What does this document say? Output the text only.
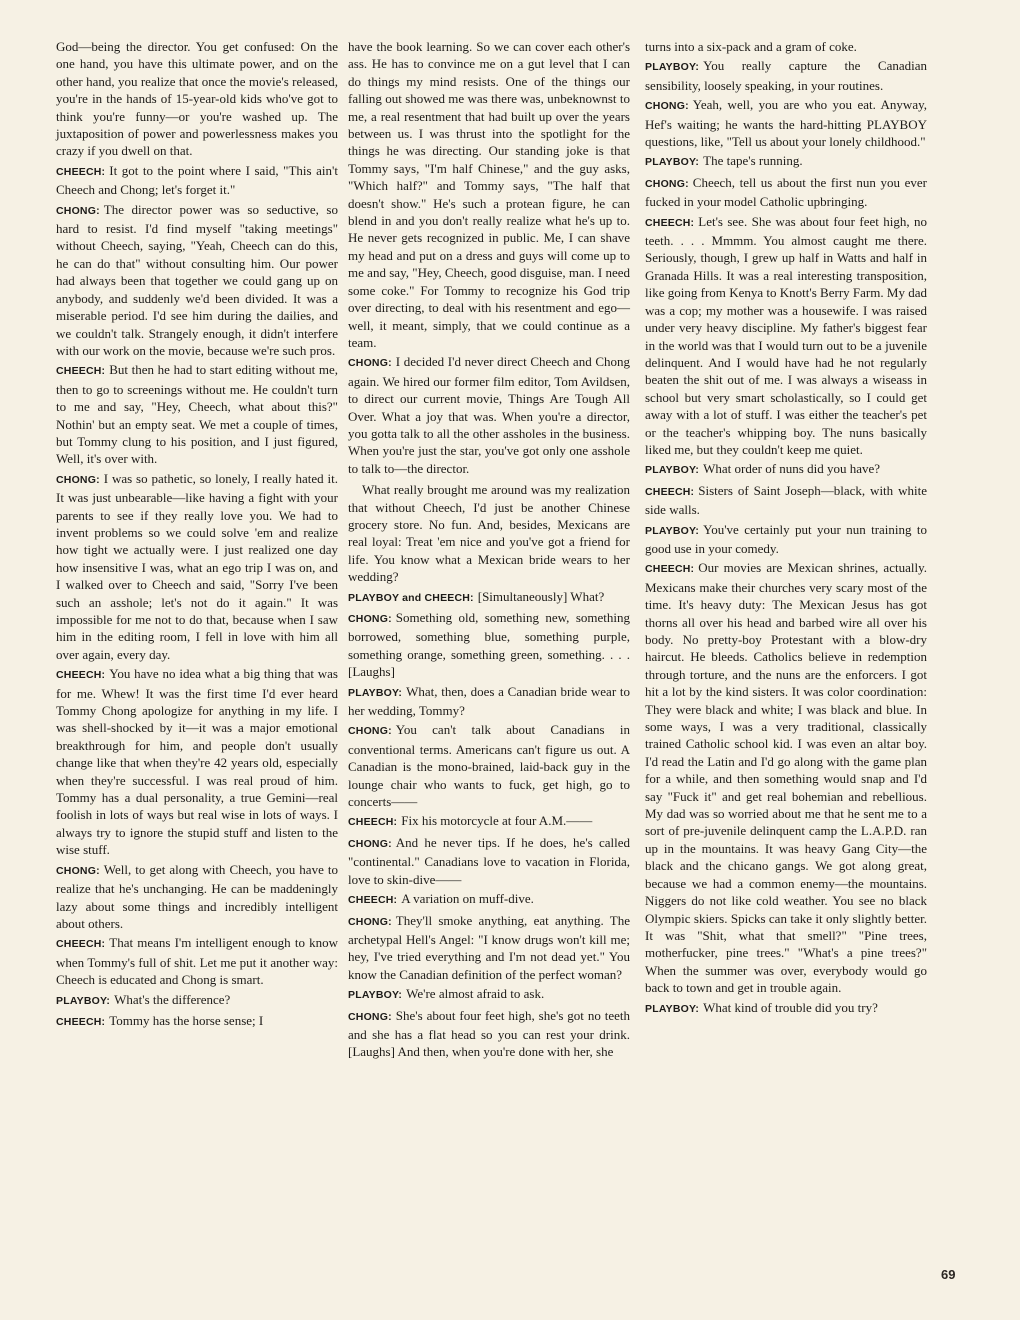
God—being the director. You get confused: On the one hand, you have this ultimate power, and on the other hand, you realize that once the movie's released, you're in the hands of 15-year-old kids who've got to think you're funny—or you're washed up. The juxtaposition of power and powerlessness makes you crazy if you dwell on that.

CHEECH: It got to the point where I said, "This ain't Cheech and Chong; let's forget it."

CHONG: The director power was so seductive, so hard to resist. I'd find myself "taking meetings" without Cheech, saying, "Yeah, Cheech can do this, he can do that" without consulting him. Our power had always been that together we could gang up on anybody, and suddenly we'd been divided. It was a miserable period. I'd see him during the dailies, and we couldn't talk. Strangely enough, it didn't interfere with our work on the movie, because we're such pros.

CHEECH: But then he had to start editing without me, then to go to screenings without me. He couldn't turn to me and say, "Hey, Cheech, what about this?" Nothin' but an empty seat. We met a couple of times, but Tommy clung to his position, and I just figured, Well, it's over with.

CHONG: I was so pathetic, so lonely, I really hated it. It was just unbearable—like having a fight with your parents to see if they really love you. We had to invent problems so we could solve 'em and realize how tight we actually were. I just realized one day how insensitive I was, what an ego trip I was on, and I walked over to Cheech and said, "Sorry I've been such an asshole; let's not do it again." It was impossible for me not to do that, because when I saw him in the editing room, I fell in love with him all over again, every day.

CHEECH: You have no idea what a big thing that was for me. Whew! It was the first time I'd ever heard Tommy Chong apologize for anything in my life. I was shell-shocked by it—it was a major emotional breakthrough for him, and people don't usually change like that when they're 42 years old, especially when they're successful. I was real proud of him. Tommy has a dual personality, a true Gemini—real foolish in lots of ways but real wise in lots of ways. I always try to ignore the stupid stuff and listen to the wise stuff.

CHONG: Well, to get along with Cheech, you have to realize that he's unchanging. He can be maddeningly lazy about some things and incredibly intelligent about others.

CHEECH: That means I'm intelligent enough to know when Tommy's full of shit. Let me put it another way: Cheech is educated and Chong is smart.

PLAYBOY: What's the difference?

CHEECH: Tommy has the horse sense; I

have the book learning. So we can cover each other's ass. He has to convince me on a gut level that I can do things my mind resists. One of the things our falling out showed me was there was, unbeknownst to me, a real resentment that had built up over the years between us. I was thrust into the spotlight for the things he was directing. Our standing joke is that Tommy says, "I'm half Chinese," and the guy asks, "Which half?" and Tommy says, "The half that doesn't show." He's such a protean figure, he can blend in and you don't really realize what he's up to. He never gets recognized in public. Me, I can shave my head and put on a dress and guys will come up to me and say, "Hey, Cheech, good disguise, man. I need some coke." For Tommy to recognize his God trip over directing, to deal with his resentment and ego—well, it meant, simply, that we could continue as a team.

CHONG: I decided I'd never direct Cheech and Chong again. We hired our former film editor, Tom Avildsen, to direct our current movie, Things Are Tough All Over. What a joy that was. When you're a director, you gotta talk to all the other assholes in the business. When you're just the star, you've got only one asshole to talk to—the director.

What really brought me around was my realization that without Cheech, I'd just be another Chinese grocery store. No fun. And, besides, Mexicans are real loyal: Treat 'em nice and you've got a friend for life. You know what a Mexican bride wears to her wedding?

PLAYBOY and CHEECH: [Simultaneously] What?

CHONG: Something old, something new, something borrowed, something blue, something purple, something orange, something green, something. . . . [Laughs]

PLAYBOY: What, then, does a Canadian bride wear to her wedding, Tommy?

CHONG: You can't talk about Canadians in conventional terms. Americans can't figure us out. A Canadian is the mono-brained, laid-back guy in the lounge chair who wants to fuck, get high, go to concerts——

CHEECH: Fix his motorcycle at four A.M.——

CHONG: And he never tips. If he does, he's called "continental." Canadians love to vacation in Florida, love to skin-dive——

CHEECH: A variation on muff-dive.

CHONG: They'll smoke anything, eat anything. The archetypal Hell's Angel: "I know drugs won't kill me; hey, I've tried everything and I'm not dead yet." You know the Canadian definition of the perfect woman?

PLAYBOY: We're almost afraid to ask.

CHONG: She's about four feet high, she's got no teeth and she has a flat head so you can rest your drink. [Laughs] And then, when you're done with her, she

turns into a six-pack and a gram of coke.

PLAYBOY: You really capture the Canadian sensibility, loosely speaking, in your routines.

CHONG: Yeah, well, you are who you eat. Anyway, Hef's waiting; he wants the hard-hitting PLAYBOY questions, like, "Tell us about your lonely childhood."

PLAYBOY: The tape's running.

CHONG: Cheech, tell us about the first nun you ever fucked in your model Catholic upbringing.

CHEECH: Let's see. She was about four feet high, no teeth. . . . Mmmm. You almost caught me there. Seriously, though, I grew up half in Watts and half in Granada Hills. It was a real interesting transposition, like going from Kenya to Knott's Berry Farm. My dad was a cop; my mother was a housewife. I was raised under very heavy discipline. My father's biggest fear in the world was that I would turn out to be a juvenile delinquent. And I would have had he not regularly beaten the shit out of me. I was always a wiseass in school but very smart scholastically, so I could get away with a lot of stuff. I was either the teacher's pet or the teacher's whipping boy. The nuns basically liked me, but they couldn't keep me quiet.

PLAYBOY: What order of nuns did you have?

CHEECH: Sisters of Saint Joseph—black, with white side walls.

PLAYBOY: You've certainly put your nun training to good use in your comedy.

CHEECH: Our movies are Mexican shrines, actually. Mexicans make their churches very scary most of the time. It's heavy duty: The Mexican Jesus has got thorns all over his head and barbed wire all over his body. No pretty-boy Protestant with a blow-dry haircut. He bleeds. Catholics believe in redemption through torture, and the nuns are the enforcers. I got hit a lot by the kind sisters. It was color coordination: They were black and white; I was black and blue. In some ways, I was a very traditional, classically trained Catholic school kid. I was even an altar boy. I'd read the Latin and I'd go along with the game plan for a while, and then something would snap and I'd say "Fuck it" and get real bohemian and rebellious. My dad was so worried about me that he sent me to a sort of pre-juvenile delinquent camp the L.A.P.D. ran up in the mountains. It was heavy Gang City—the black and the chicano gangs. We got along great, because we had a common enemy—the mountains. Niggers do not like cold weather. You see no black Olympic skiers. Spicks can take it only slightly better. It was "Shit, what that smell?" "Pine trees, motherfucker, pine trees." "What's a pine trees?" When the summer was over, everybody would go back to town and get in trouble again.

PLAYBOY: What kind of trouble did you try?

69
